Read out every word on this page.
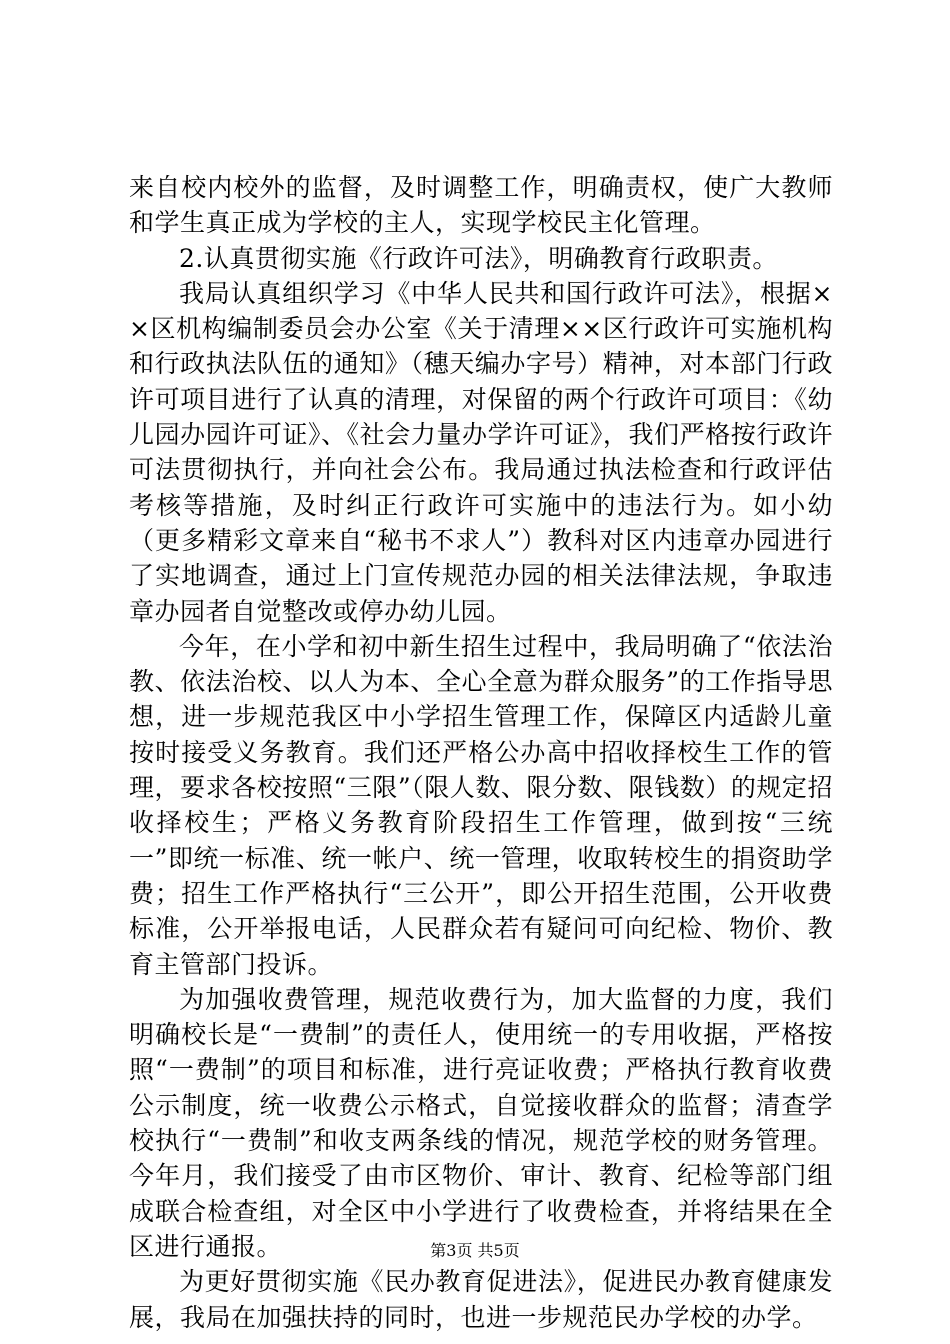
来自校内校外的监督，及时调整工作，明确责权，使广大教师和学生真正成为学校的主人，实现学校民主化管理。

2.认真贯彻实施《行政许可法》，明确教育行政职责。

我局认真组织学习《中华人民共和国行政许可法》，根据××区机构编制委员会办公室《关于清理××区行政许可实施机构和行政执法队伍的通知》（穗天编办字号）精神，对本部门行政许可项目进行了认真的清理，对保留的两个行政许可项目：《幼儿园办园许可证》、《社会力量办学许可证》，我们严格按行政许可法贯彻执行，并向社会公布。我局通过执法检查和行政评估考核等措施，及时纠正行政许可实施中的违法行为。如小幼（更多精彩文章来自“秘书不求人”）教科对区内违章办园进行了实地调查，通过上门宣传规范办园的相关法律法规，争取违章办园者自觉整改或停办幼儿园。

今年，在小学和初中新生招生过程中，我局明确了“依法治教、依法治校、以人为本、全心全意为群众服务”的工作指导思想，进一步规范我区中小学招生管理工作，保障区内适龄儿童按时接受义务教育。我们还严格公办高中招收择校生工作的管理，要求各校按照“三限”（限人数、限分数、限钱数）的规定招收择校生；严格义务教育阶段招生工作管理，做到按“三统一”即统一标准、统一帐户、统一管理，收取转校生的捐资助学费；招生工作严格执行“三公开”，即公开招生范围，公开收费标准，公开举报电话，人民群众若有疑问可向纪检、物价、教育主管部门投诉。

为加强收费管理，规范收费行为，加大监督的力度，我们明确校长是“一费制”的责任人，使用统一的专用收据，严格按照“一费制”的项目和标准，进行亮证收费；严格执行教育收费公示制度，统一收费公示格式，自觉接收群众的监督；清查学校执行“一费制”和收支两条线的情况，规范学校的财务管理。今年月，我们接受了由市区物价、审计、教育、纪检等部门组成联合检查组，对全区中小学进行了收费检查，并将结果在全区进行通报。

为更好贯彻实施《民办教育促进法》，促进民办教育健康发展，我局在加强扶持的同时，也进一步规范民办学校的办学。

第3页 共5页
